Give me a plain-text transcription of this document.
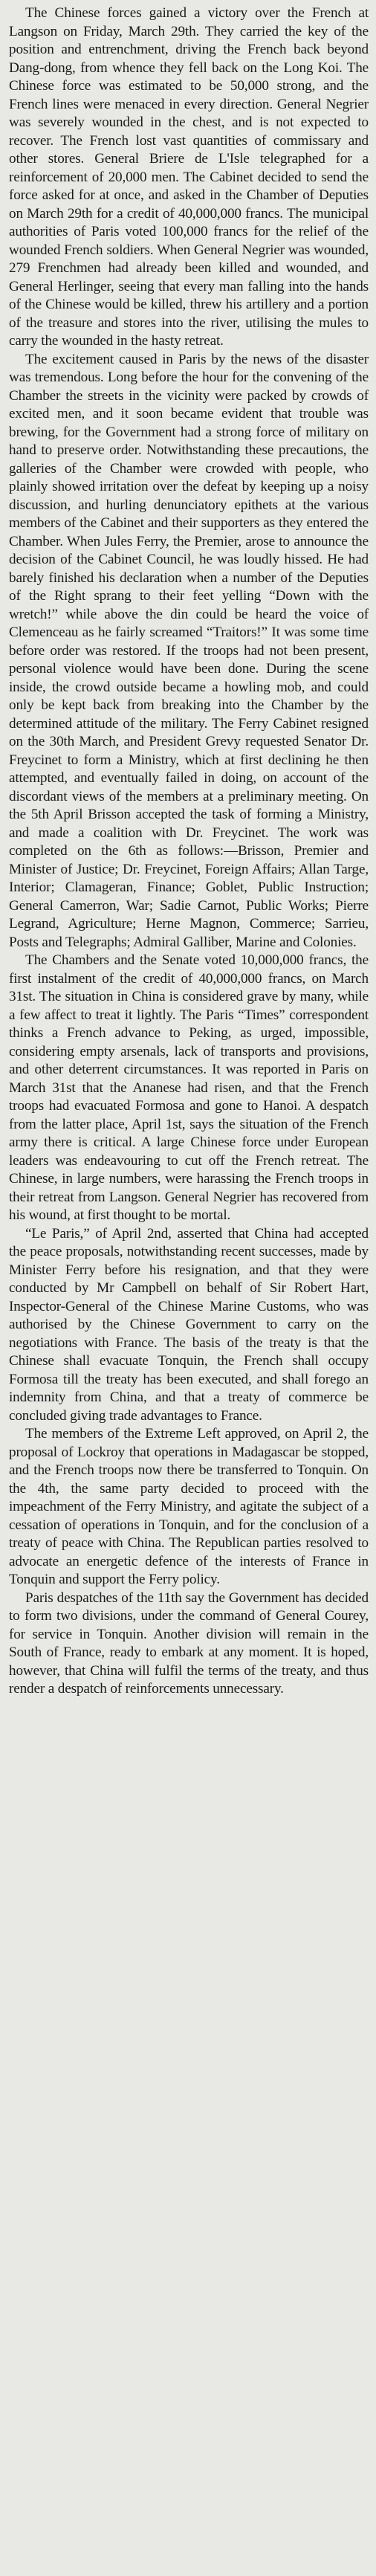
The Chinese forces gained a victory over the French at Langson on Friday, March 29th. They carried the key of the position and entrenchment, driving the French back beyond Dang-dong, from whence they fell back on the Long Koi. The Chinese force was estimated to be 50,000 strong, and the French lines were menaced in every direction. General Negrier was severely wounded in the chest, and is not expected to recover. The French lost vast quantities of commissary and other stores. General Briere de L'Isle telegraphed for a reinforcement of 20,000 men. The Cabinet decided to send the force asked for at once, and asked in the Chamber of Deputies on March 29th for a credit of 40,000,000 francs. The municipal authorities of Paris voted 100,000 francs for the relief of the wounded French soldiers. When General Negrier was wounded, 279 Frenchmen had already been killed and wounded, and General Herlinger, seeing that every man falling into the hands of the Chinese would be killed, threw his artillery and a portion of the treasure and stores into the river, utilising the mules to carry the wounded in the hasty retreat.

The excitement caused in Paris by the news of the disaster was tremendous. Long before the hour for the convening of the Chamber the streets in the vicinity were packed by crowds of excited men, and it soon became evident that trouble was brewing, for the Government had a strong force of military on hand to preserve order. Notwithstanding these precautions, the galleries of the Chamber were crowded with people, who plainly showed irritation over the defeat by keeping up a noisy discussion, and hurling denunciatory epithets at the various members of the Cabinet and their supporters as they entered the Chamber. When Jules Ferry, the Premier, arose to announce the decision of the Cabinet Council, he was loudly hissed. He had barely finished his declaration when a number of the Deputies of the Right sprang to their feet yelling “Down with the wretch!” while above the din could be heard the voice of Clemenceau as he fairly screamed “Traitors!” It was some time before order was restored. If the troops had not been present, personal violence would have been done. During the scene inside, the crowd outside became a howling mob, and could only be kept back from breaking into the Chamber by the determined attitude of the military. The Ferry Cabinet resigned on the 30th March, and President Grevy requested Senator Dr. Freycinet to form a Ministry, which at first declining he then attempted, and eventually failed in doing, on account of the discordant views of the members at a preliminary meeting. On the 5th April Brisson accepted the task of forming a Ministry, and made a coalition with Dr. Freycinet. The work was completed on the 6th as follows:—Brisson, Premier and Minister of Justice; Dr. Freycinet, Foreign Affairs; Allan Targe, Interior; Clamageran, Finance; Goblet, Public Instruction; General Camerron, War; Sadie Carnot, Public Works; Pierre Legrand, Agriculture; Herne Magnon, Commerce; Sarrieu, Posts and Telegraphs; Admiral Galliber, Marine and Colonies.

The Chambers and the Senate voted 10,000,000 francs, the first instalment of the credit of 40,000,000 francs, on March 31st. The situation in China is considered grave by many, while a few affect to treat it lightly. The Paris “Times” correspondent thinks a French advance to Peking, as urged, impossible, considering empty arsenals, lack of transports and provisions, and other deterrent circumstances. It was reported in Paris on March 31st that the Ananese had risen, and that the French troops had evacuated Formosa and gone to Hanoi. A despatch from the latter place, April 1st, says the situation of the French army there is critical. A large Chinese force under European leaders was endeavouring to cut off the French retreat. The Chinese, in large numbers, were harassing the French troops in their retreat from Langson. General Negrier has recovered from his wound, at first thought to be mortal.

“Le Paris,” of April 2nd, asserted that China had accepted the peace proposals, notwithstanding recent successes, made by Minister Ferry before his resignation, and that they were conducted by Mr Campbell on behalf of Sir Robert Hart, Inspector-General of the Chinese Marine Customs, who was authorised by the Chinese Government to carry on the negotiations with France. The basis of the treaty is that the Chinese shall evacuate Tonquin, the French shall occupy Formosa till the treaty has been executed, and shall forego an indemnity from China, and that a treaty of commerce be concluded giving trade advantages to France.

The members of the Extreme Left approved, on April 2, the proposal of Lockroy that operations in Madagascar be stopped, and the French troops now there be transferred to Tonquin. On the 4th, the same party decided to proceed with the impeachment of the Ferry Ministry, and agitate the subject of a cessation of operations in Tonquin, and for the conclusion of a treaty of peace with China. The Republican parties resolved to advocate an energetic defence of the interests of France in Tonquin and support the Ferry policy.

Paris despatches of the 11th say the Government has decided to form two divisions, under the command of General Courey, for service in Tonquin. Another division will remain in the South of France, ready to embark at any moment. It is hoped, however, that China will fulfil the terms of the treaty, and thus render a despatch of reinforcements unnecessary.
